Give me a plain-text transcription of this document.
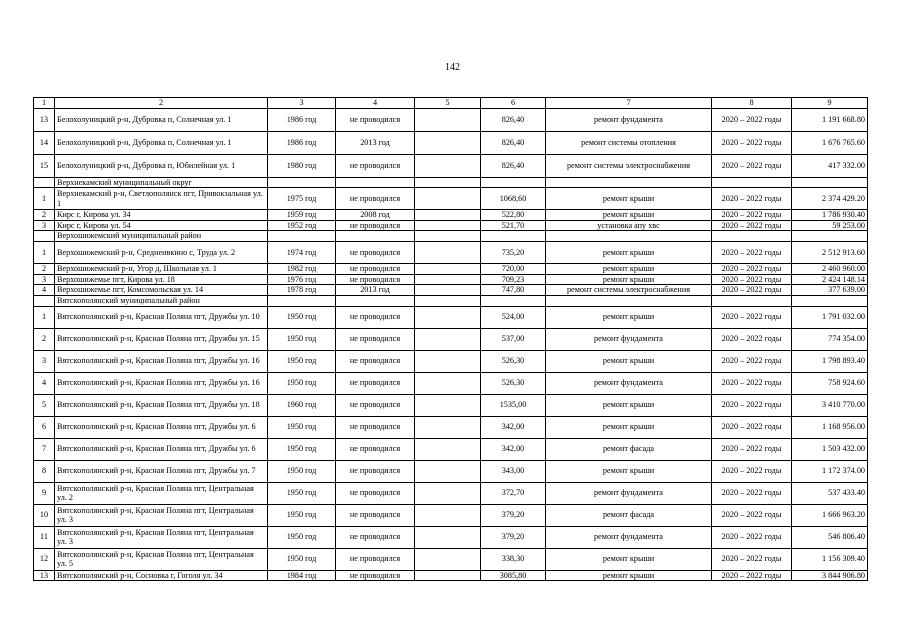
142
1	2	3	4	5	6	7	8	9
13	Белохолуницкий р-н, Дубровка п, Солнечная ул. 1	1986 год	не проводился		826,40	ремонт фундамента	2020 – 2022 годы	1 191 668.80
14	Белохолуницкий р-н, Дубровка п, Солнечная ул. 1	1986 год	2013 год		826,40	ремонт системы отопления	2020 – 2022 годы	1 676 765.60
15	Белохолуницкий р-н, Дубровка п, Юбилейная ул. 1	1980 год	не проводился		826,40	ремонт системы электроснабжения	2020 – 2022 годы	417 332.00
	Верхнекамский муниципальный округ							
1	Верхнекамский р-н, Светлополянск пгт, Привокзальная ул. 1	1975 год	не проводился		1068,60	ремонт крыши	2020 – 2022 годы	2 374 429.20
2	Кирс г, Кирова ул. 34	1959 год	2008 год		522,80	ремонт крыши	2020 – 2022 годы	1 786 930.40
3	Кирс г, Кирова ул. 54	1952 год	не проводился		521,70	установка апу хвс	2020 – 2022 годы	59 253.00
	Верхошижемский муниципальный район							
1	Верхошижемский р-н, Среднеивкино с, Труда ул. 2	1974 год	не проводился		735,20	ремонт крыши	2020 – 2022 годы	2 512 913.60
2	Верхошижемский р-н, Угор д, Школьная ул. 1	1982 год	не проводился		720,00	ремонт крыши	2020 – 2022 годы	2 460 960.00
3	Верхошижемье пгт, Кирова ул. 18	1976 год	не проводился		709,23	ремонт крыши	2020 – 2022 годы	2 424 148.14
4	Верхошижемье пгт, Комсомольская ул. 14	1978 год	2013 год		747,80	ремонт системы электроснабжения	2020 – 2022 годы	377 639.00
	Вятскополянский муниципальный район							
1	Вятскополянский р-н, Красная Поляна пгт, Дружбы ул. 10	1950 год	не проводился		524,00	ремонт крыши	2020 – 2022 годы	1 791 032.00
2	Вятскополянский р-н, Красная Поляна пгт, Дружбы ул. 15	1950 год	не проводился		537,00	ремонт фундамента	2020 – 2022 годы	774 354.00
3	Вятскополянский р-н, Красная Поляна пгт, Дружбы ул. 16	1950 год	не проводился		526,30	ремонт крыши	2020 – 2022 годы	1 798 893.40
4	Вятскополянский р-н, Красная Поляна пгт, Дружбы ул. 16	1950 год	не проводился		526,30	ремонт фундамента	2020 – 2022 годы	758 924.60
5	Вятскополянский р-н, Красная Поляна пгт, Дружбы ул. 18	1960 год	не проводился		1535,00	ремонт крыши	2020 – 2022 годы	3 410 770.00
6	Вятскополянский р-н, Красная Поляна пгт, Дружбы ул. 6	1950 год	не проводился		342,00	ремонт крыши	2020 – 2022 годы	1 168 956.00
7	Вятскополянский р-н, Красная Поляна пгт, Дружбы ул. 6	1950 год	не проводился		342,00	ремонт фасада	2020 – 2022 годы	1 503 432.00
8	Вятскополянский р-н, Красная Поляна пгт, Дружбы ул. 7	1950 год	не проводился		343,00	ремонт крыши	2020 – 2022 годы	1 172 374.00
9	Вятскополянский р-н, Красная Поляна пгт, Центральная ул. 2	1950 год	не проводился		372,70	ремонт фундамента	2020 – 2022 годы	537 433.40
10	Вятскополянский р-н, Красная Поляна пгт, Центральная ул. 3	1950 год	не проводился		379,20	ремонт фасада	2020 – 2022 годы	1 666 963.20
11	Вятскополянский р-н, Красная Поляна пгт, Центральная ул. 3	1950 год	не проводился		379,20	ремонт фундамента	2020 – 2022 годы	546 806.40
12	Вятскополянский р-н, Красная Поляна пгт, Центральная ул. 5	1950 год	не проводился		338,30	ремонт крыши	2020 – 2022 годы	1 156 309.40
13	Вятскополянский р-н, Сосновка г, Гоголя ул. 34	1984 год	не проводился		3085,80	ремонт крыши	2020 – 2022 годы	3 844 906.80
